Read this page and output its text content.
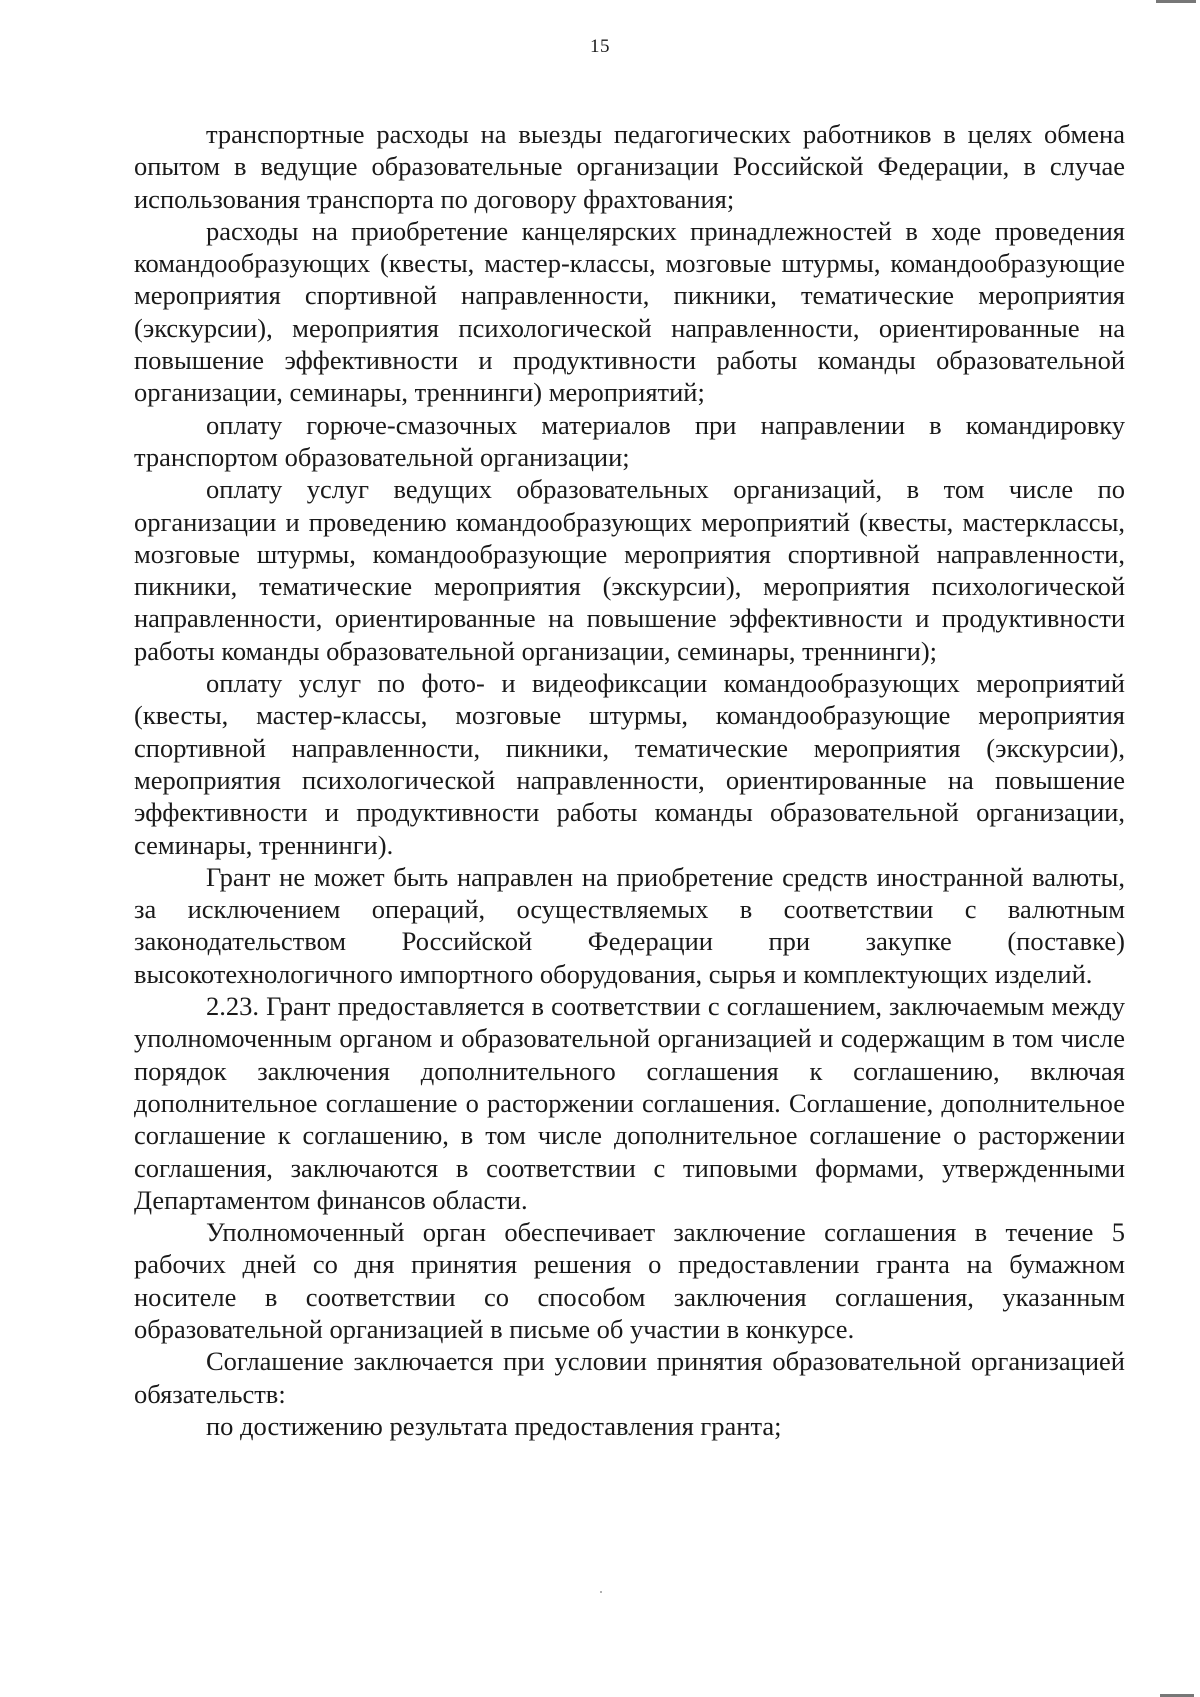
15

транспортные расходы на выезды педагогических работников в целях обмена опытом в ведущие образовательные организации Российской Федерации, в случае использования транспорта по договору фрахтования;

расходы на приобретение канцелярских принадлежностей в ходе проведения командообразующих (квесты, мастер-классы, мозговые штурмы, командообразующие мероприятия спортивной направленности, пикники, тематические мероприятия (экскурсии), мероприятия психологической направленности, ориентированные на повышение эффективности и продуктивности работы команды образовательной организации, семинары, треннинги) мероприятий;

оплату горюче-смазочных материалов при направлении в командировку транспортом образовательной организации;

оплату услуг ведущих образовательных организаций, в том числе по организации и проведению командообразующих мероприятий (квесты, мастерклассы, мозговые штурмы, командообразующие мероприятия спортивной направленности, пикники, тематические мероприятия (экскурсии), мероприятия психологической направленности, ориентированные на повышение эффективности и продуктивности работы команды образовательной организации, семинары, треннинги);

оплату услуг по фото- и видеофиксации командообразующих мероприятий (квесты, мастер-классы, мозговые штурмы, командообразующие мероприятия спортивной направленности, пикники, тематические мероприятия (экскурсии), мероприятия психологической направленности, ориентированные на повышение эффективности и продуктивности работы команды образовательной организации, семинары, треннинги).

Грант не может быть направлен на приобретение средств иностранной валюты, за исключением операций, осуществляемых в соответствии с валютным законодательством Российской Федерации при закупке (поставке) высокотехнологичного импортного оборудования, сырья и комплектующих изделий.

2.23. Грант предоставляется в соответствии с соглашением, заключаемым между уполномоченным органом и образовательной организацией и содержащим в том числе порядок заключения дополнительного соглашения к соглашению, включая дополнительное соглашение о расторжении соглашения. Соглашение, дополнительное соглашение к соглашению, в том числе дополнительное соглашение о расторжении соглашения, заключаются в соответствии с типовыми формами, утвержденными Департаментом финансов области.

Уполномоченный орган обеспечивает заключение соглашения в течение 5 рабочих дней со дня принятия решения о предоставлении гранта на бумажном носителе в соответствии со способом заключения соглашения, указанным образовательной организацией в письме об участии в конкурсе.

Соглашение заключается при условии принятия образовательной организацией обязательств:

по достижению результата предоставления гранта;
